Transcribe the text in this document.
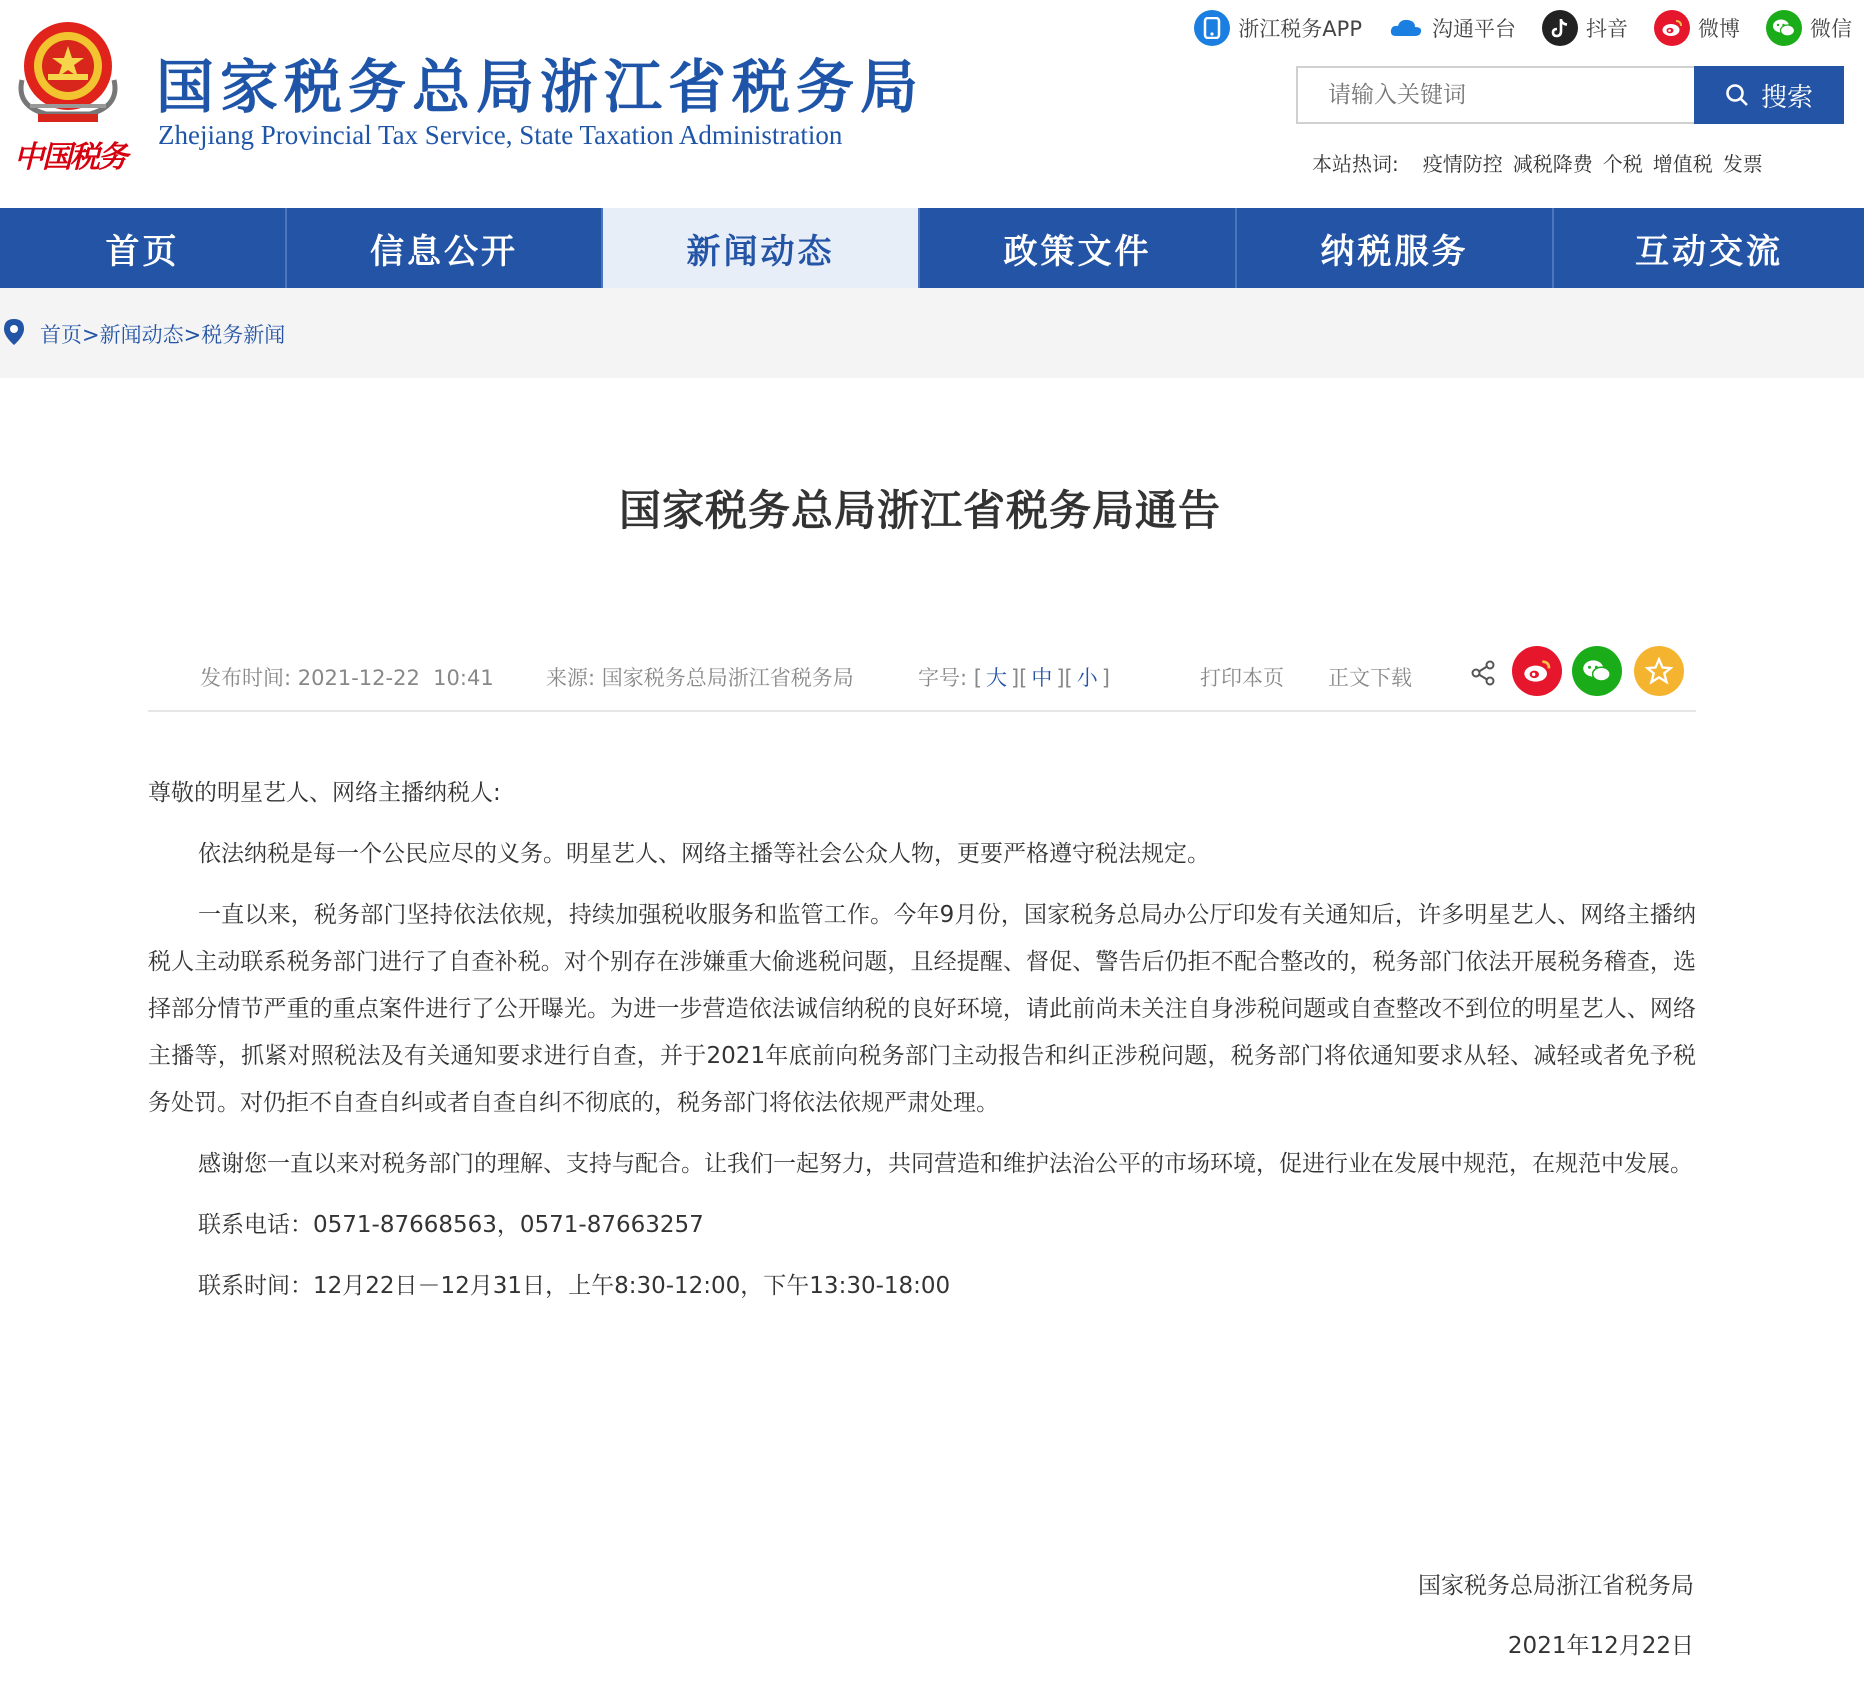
中国税务
国家税务总局浙江省税务局
Zhejiang Provincial Tax Service, State Taxation Administration
浙江税务APP	沟通平台	抖音	微博	微信
请输入关键词
搜索
本站热词: 疫情防控 减税降费 个税 增值税 发票
首页	信息公开	新闻动态	政策文件	纳税服务	互动交流
首页>新闻动态>税务新闻
国家税务总局浙江省税务局通告
发布时间: 2021-12-22  10:41 来源: 国家税务总局浙江省税务局	字号: [ 大 ][ 中 ][ 小 ]	打印本页 正文下载

尊敬的明星艺人、网络主播纳税人:

依法纳税是每一个公民应尽的义务。明星艺人、网络主播等社会公众人物，更要严格遵守税法规定。

一直以来，税务部门坚持依法依规，持续加强税收服务和监管工作。今年9月份，国家税务总局办公厅印发有关通知后，许多明星艺人、网络主播纳税人主动联系税务部门进行了自查补税。对个别存在涉嫌重大偷逃税问题，且经提醒、督促、警告后仍拒不配合整改的，税务部门依法开展税务稽查，选择部分情节严重的重点案件进行了公开曝光。为进一步营造依法诚信纳税的良好环境，请此前尚未关注自身涉税问题或自查整改不到位的明星艺人、网络主播等，抓紧对照税法及有关通知要求进行自查，并于2021年底前向税务部门主动报告和纠正涉税问题，税务部门将依通知要求从轻、减轻或者免予税务处罚。对仍拒不自查自纠或者自查自纠不彻底的，税务部门将依法依规严肃处理。

感谢您一直以来对税务部门的理解、支持与配合。让我们一起努力，共同营造和维护法治公平的市场环境，促进行业在发展中规范，在规范中发展。

联系电话：0571-87668563，0571-87663257

联系时间：12月22日－12月31日，上午8:30-12:00，下午13:30-18:00

国家税务总局浙江省税务局
2021年12月22日
